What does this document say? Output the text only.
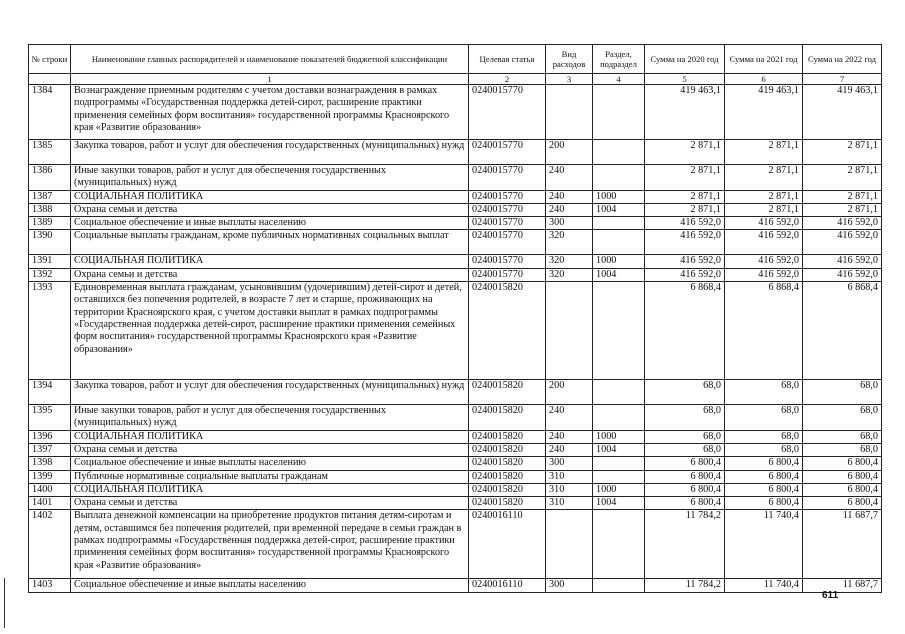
№ строки	Наименование главных распорядителей и наименование показателей бюджетной классификации	Целевая статья	Вид расходов	Раздел, подраздел	Сумма на 2020 год	Сумма на 2021 год	Сумма на 2022 год
	1	2	3	4	5	6	7
1384	Вознаграждение приемным родителям с учетом доставки вознаграждения в рамках подпрограммы «Государственная поддержка детей-сирот, расширение практики применения семейных форм воспитания» государственной программы Красноярского края «Развитие образования»	0240015770			419 463,1	419 463,1	419 463,1
1385	Закупка товаров, работ и услуг для обеспечения государственных (муниципальных) нужд	0240015770	200		2 871,1	2 871,1	2 871,1
1386	Иные закупки товаров, работ и услуг для обеспечения государственных (муниципальных) нужд	0240015770	240		2 871,1	2 871,1	2 871,1
1387	СОЦИАЛЬНАЯ ПОЛИТИКА	0240015770	240	1000	2 871,1	2 871,1	2 871,1
1388	Охрана семьи и детства	0240015770	240	1004	2 871,1	2 871,1	2 871,1
1389	Социальное обеспечение и иные выплаты населению	0240015770	300		416 592,0	416 592,0	416 592,0
1390	Социальные выплаты гражданам, кроме публичных нормативных социальных выплат	0240015770	320		416 592,0	416 592,0	416 592,0
1391	СОЦИАЛЬНАЯ ПОЛИТИКА	0240015770	320	1000	416 592,0	416 592,0	416 592,0
1392	Охрана семьи и детства	0240015770	320	1004	416 592,0	416 592,0	416 592,0
1393	Единовременная выплата гражданам, усыновившим (удочерившим) детей-сирот и детей, оставшихся без попечения родителей, в возрасте 7 лет и старше, проживающих на территории Красноярского края, с учетом доставки выплат в рамках подпрограммы «Государственная поддержка детей-сирот, расширение практики применения семейных форм воспитания» государственной программы Красноярского края «Развитие образования»	0240015820			6 868,4	6 868,4	6 868,4
1394	Закупка товаров, работ и услуг для обеспечения государственных (муниципальных) нужд	0240015820	200		68,0	68,0	68,0
1395	Иные закупки товаров, работ и услуг для обеспечения государственных (муниципальных) нужд	0240015820	240		68,0	68,0	68,0
1396	СОЦИАЛЬНАЯ ПОЛИТИКА	0240015820	240	1000	68,0	68,0	68,0
1397	Охрана семьи и детства	0240015820	240	1004	68,0	68,0	68,0
1398	Социальное обеспечение и иные выплаты населению	0240015820	300		6 800,4	6 800,4	6 800,4
1399	Публичные нормативные социальные выплаты гражданам	0240015820	310		6 800,4	6 800,4	6 800,4
1400	СОЦИАЛЬНАЯ ПОЛИТИКА	0240015820	310	1000	6 800,4	6 800,4	6 800,4
1401	Охрана семьи и детства	0240015820	310	1004	6 800,4	6 800,4	6 800,4
1402	Выплата денежной компенсации на приобретение продуктов питания детям-сиротам и детям, оставшимся без попечения родителей, при временной передаче в семьи граждан в рамках подпрограммы «Государственная поддержка детей-сирот, расширение практики применения семейных форм воспитания» государственной программы Красноярского края «Развитие образования»	0240016110			11 784,2	11 740,4	11 687,7
1403	Социальное обеспечение и иные выплаты населению	0240016110	300		11 784,2	11 740,4	11 687,7
611
